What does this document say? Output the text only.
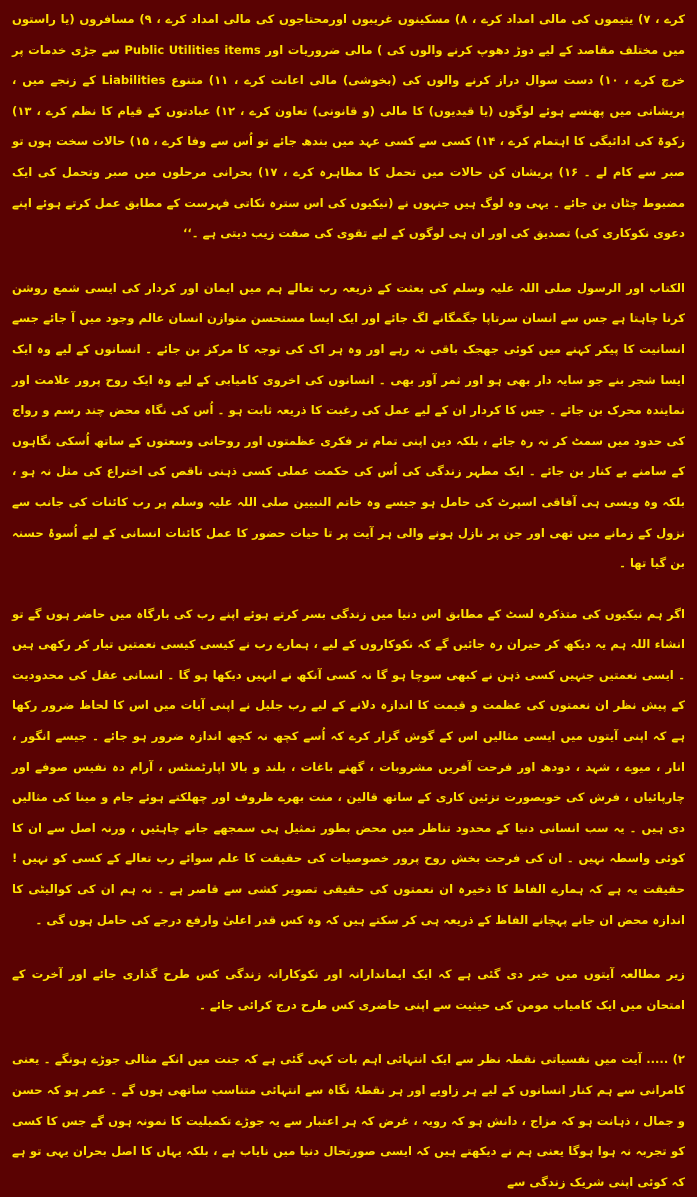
کرے ، ۷) یتیموں کی مالی امداد کرے ، ۸) مسکینوں غریبوں اورمحتاجوں کی مالی امداد کرے ، ۹) مسافروں (یا راستوں میں مختلف مقاصد کے لیے دوڑ دھوپ کرنے والوں کی ) مالی ضروریات اور Public Utilities items سے جڑی خدمات پر خرچ کرے ، ۱۰) دست سوال دراز کرنے والوں کی (بخوشی) مالی اعانت کرے ، ۱۱) متنوع Liabilities کے زنجے میں ، پریشانی میں پھنسے ہوئے لوگوں (یا قیدیوں) کا مالی (و قانونی) تعاون کرے ، ۱۲) عبادتوں کے قیام کا نظم کرے ، ۱۳) زکوۃ کی ادائیگی کا اہتمام کرے ، ۱۴) کسی سے کسی عہد میں بندھ جائے تو اُس سے وفا کرے ، ۱۵) حالات سخت ہوں تو صبر سے کام لے ۔ ۱۶) پریشان کن حالات میں تحمل کا مظاہرہ کرے ، ۱۷) بحرانی مرحلوں میں صبر وتحمل کی ایک مضبوط چٹان بن جائے ۔ یہی وہ لوگ ہیں جنہوں نے (نیکیوں کی اس سترہ نکاتی فہرست کے مطابق عمل کرتے ہوئے اپنے دعوی نکوکاری کی) تصدیق کی اور ان ہی لوگوں کے لیے تقوی کی صفت زیب دیتی ہے ۔‘‘

الکتاب اور الرسول صلی اللہ علیہ وسلم کی بعثت کے ذریعہ رب تعالے ہم میں ایمان اور کردار کی ایسی شمع روشن کرنا چاہتا ہے جس سے انسان سرتاپا جگمگانے لگ جائے اور ایک ایسا مستحسن متوازن انسان عالم وجود میں آ جائے جسے انسانیت کا پیکر کہنے میں کوئی جھجک باقی نہ رہے اور وہ ہر اک کی توجہ کا مرکز بن جائے ۔ انسانوں کے لیے وہ ایک ایسا شجر بنے جو سایہ دار بھی ہو اور ثمر آور بھی ۔ انسانوں کی اخروی کامیابی کے لیے وہ ایک روح پرور علامت اور نمایندہ محرک بن جائے ۔ جس کا کردار ان کے لیے عمل کی رغبت کا ذریعہ ثابت ہو ۔ اُس کی نگاہ محض چند رسم و رواج کی حدود میں سمٹ کر نہ رہ جائے ، بلکہ دین اپنی تمام تر فکری عظمتوں اور روحانی وسعتوں کے ساتھ اُسکی نگاہوں کے سامنے بے کنار بن جائے ۔ ایک مطہر زندگی کی اُس کی حکمت عملی کسی ذہنی ناقص کی اختراع کی مثل نہ ہو ، بلکہ وہ ویسی ہی آفاقی اسپرٹ کی حامل ہو جیسے وہ خاتم النبیین صلی اللہ علیہ وسلم پر رب کائنات کی جانب سے نزول کے زمانے میں تھی اور جن پر نازل ہونے والی ہر آیت پر تا حیات حضور کا عمل کائنات انسانی کے لیے اُسوۂ حسنہ بن گیا تھا ۔

اگر ہم نیکیوں کی متذکرہ لسٹ کے مطابق اس دنیا میں زندگی بسر کرتے ہوئے اپنے رب کی بارگاہ میں حاضر ہوں گے تو انشاء اللہ ہم یہ دیکھ کر حیران رہ جائیں گے کہ نکوکاروں کے لیے ، ہمارے رب نے کیسی کیسی نعمتیں تیار کر رکھی ہیں ۔ ایسی نعمتیں جنہیں کسی ذہن نے کبھی سوچا ہو گا نہ کسی آنکھ نے انہیں دیکھا ہو گا ۔ انسانی عقل کی محدودیت کے پیش نظر ان نعمتوں کی عظمت و قیمت کا اندازہ دلانے کے لیے رب جلیل نے اپنی آیات میں اس کا لحاظ ضرور رکھا ہے کہ اپنی آیتوں میں ایسی مثالیں اس کے گوش گزار کرے کہ اُسے کچھ نہ کچھ اندازہ ضرور ہو جائے ۔ جیسے انگور ، انار ، میوے ، شہد ، دودھ اور فرحت آفریں مشروبات ، گھنے باغات ، بلند و بالا اپارٹمنٹس ، آرام دہ نفیس صوفے اور چارپائیاں ، فرش کی خوبصورت تزئین کاری کے ساتھ قالین ، منت بھرے ظروف اور چھلکتے ہوئے جام و مینا کی مثالیں دی ہیں ۔ یہ سب انسانی دنیا کے محدود تناظر میں محض بطور تمثیل ہی سمجھے جانے چاہئیں ، ورنہ اصل سے ان کا کوئی واسطہ نہیں ۔ ان کی فرحت بخش روح پرور خصوصیات کی حقیقت کا علم سوائے رب تعالے کے کسی کو نہیں ! حقیقت یہ ہے کہ ہمارے الفاظ کا ذخیرہ ان نعمتوں کی حقیقی تصویر کشی سے قاصر ہے ۔ نہ ہم ان کی کوالیٹی کا اندازہ محض ان جانے پہچانے الفاظ کے ذریعہ ہی کر سکتے ہیں کہ وہ کس قدر اعلیٰ وارفع درجے کی حامل ہوں گی ۔

زیر مطالعہ آیتوں میں خبر دی گئی ہے کہ ایک ایماندارانہ اور نکوکارانہ زندگی کس طرح گذاری جائے اور آخرت کے امتحان میں ایک کامیاب مومن کی حیثیت سے اپنی حاضری کس طرح درج کرائی جائے ۔

۲) ..... آیت میں نفسیاتی نقطہ نظر سے ایک انتہائی اہم بات کہی گئی ہے کہ جنت میں انکے مثالی جوڑے ہونگے ۔ یعنی کامرانی سے ہم کنار انسانوں کے لیے ہر زاویے اور ہر نقطۂ نگاہ سے انتہائی متناسب ساتھی ہوں گے ۔ عمر ہو کہ حسن و جمال ، ذہانت ہو کہ مزاج ، دانش ہو کہ رویہ ، غرض کہ ہر اعتبار سے یہ جوڑے تکمیلیت کا نمونہ ہوں گے جس کا کسی کو تجربہ نہ ہوا ہوگا یعنی ہم نے دیکھتے ہیں کہ ایسی صورتحال دنیا میں نایاب ہے ، بلکہ یہاں کا اصل بحران یہی تو ہے کہ کوئی اپنی شریک زندگی سے
